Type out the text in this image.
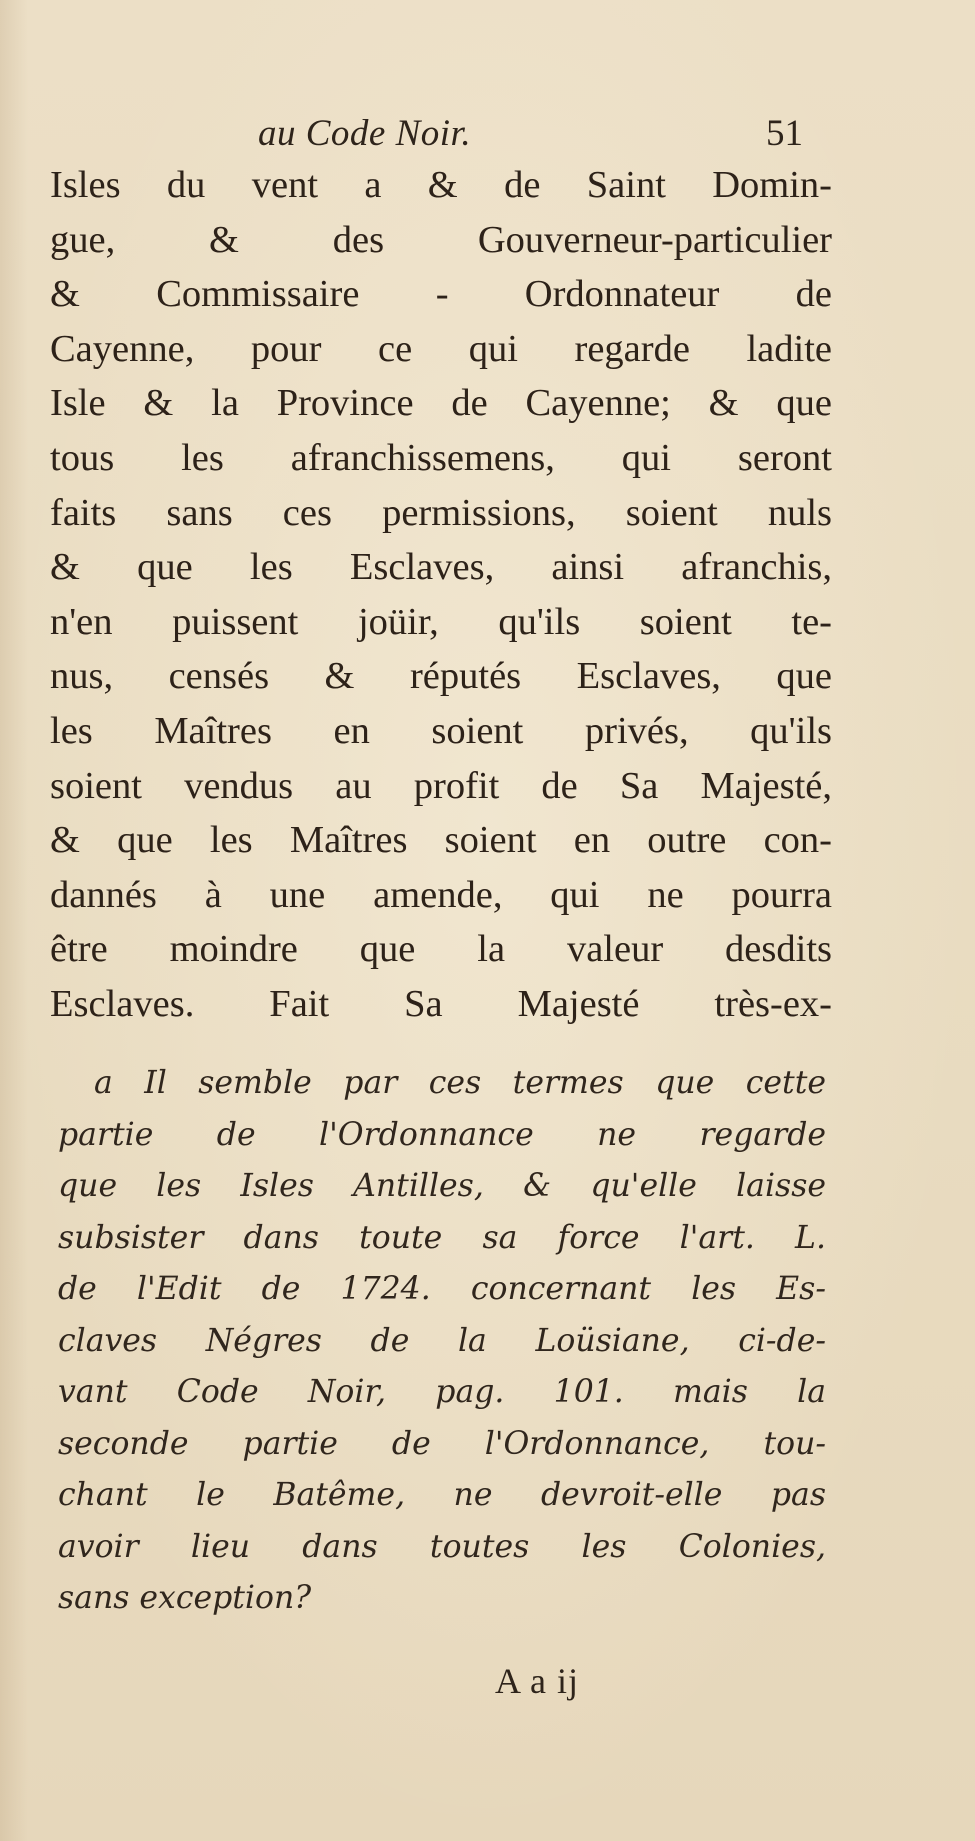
au Code Noir.	51
Isles du vent a & de Saint Domin-
gue, & des Gouverneur-particulier
& Commissaire - Ordonnateur de
Cayenne, pour ce qui regarde ladite
Isle & la Province de Cayenne; & que
tous les afranchissemens, qui seront
faits sans ces permissions, soient nuls
& que les Esclaves, ainsi afranchis,
n'en puissent joüir, qu'ils soient te-
nus, censés & réputés Esclaves, que
les Maîtres en soient privés, qu'ils
soient vendus au profit de Sa Majesté,
& que les Maîtres soient en outre con-
dannés à une amende, qui ne pourra
être moindre que la valeur desdits
Esclaves. Fait Sa Majesté très-ex-
a Il semble par ces termes que cette
partie de l'Ordonnance ne regarde
que les Isles Antilles, & qu'elle laisse
subsister dans toute sa force l'art. L.
de l'Edit de 1724. concernant les Es-
claves Négres de la Loüsiane, ci-de-
vant Code Noir, pag. 101. mais la
seconde partie de l'Ordonnance, tou-
chant le Batême, ne devroit-elle pas
avoir lieu dans toutes les Colonies,
sans exception?
A a ij
